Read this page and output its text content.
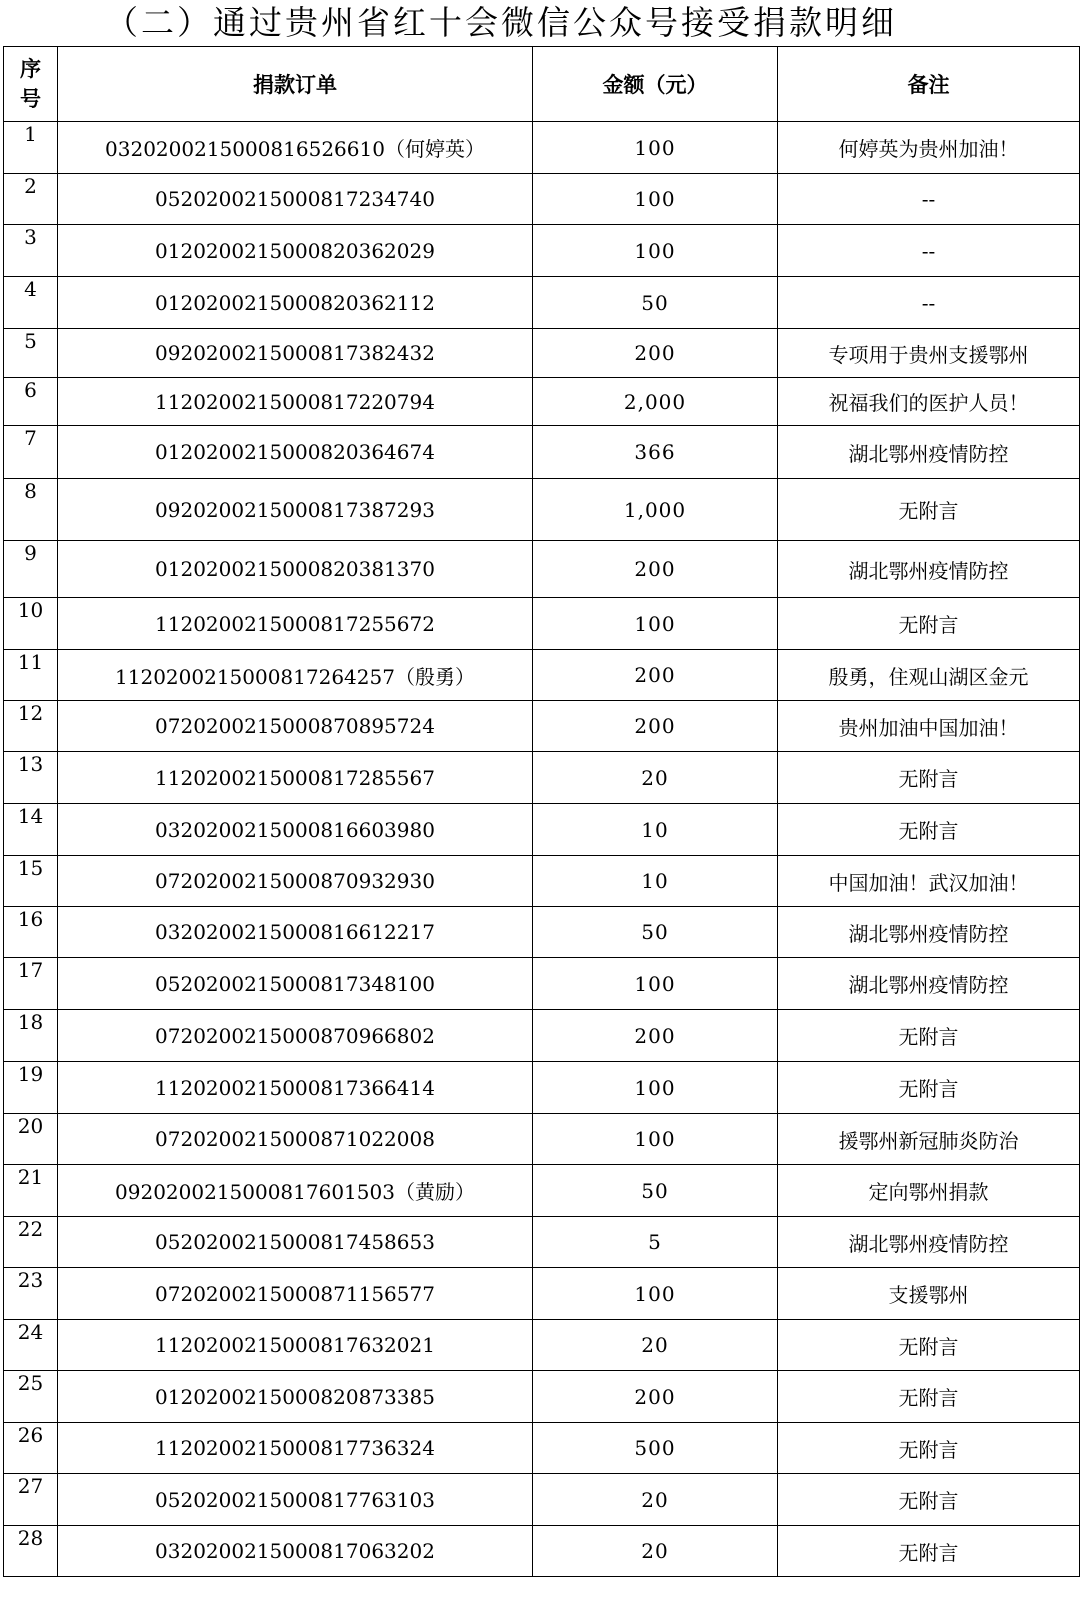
（二）通过贵州省红十会微信公众号接受捐款明细
序
号	捐款订单	金额（元）	备注
1	0320200215000816526610（何婷英）	100	何婷英为贵州加油！
2	0520200215000817234740	100	--
3	0120200215000820362029	100	--
4	0120200215000820362112	50	--
5	0920200215000817382432	200	专项用于贵州支援鄂州
6	1120200215000817220794	2,000	祝福我们的医护人员！
7	0120200215000820364674	366	湖北鄂州疫情防控
8	0920200215000817387293	1,000	无附言
9	0120200215000820381370	200	湖北鄂州疫情防控
10	1120200215000817255672	100	无附言
11	1120200215000817264257（殷勇）	200	殷勇，住观山湖区金元
12	0720200215000870895724	200	贵州加油中国加油！
13	1120200215000817285567	20	无附言
14	0320200215000816603980	10	无附言
15	0720200215000870932930	10	中国加油！武汉加油！
16	0320200215000816612217	50	湖北鄂州疫情防控
17	0520200215000817348100	100	湖北鄂州疫情防控
18	0720200215000870966802	200	无附言
19	1120200215000817366414	100	无附言
20	0720200215000871022008	100	援鄂州新冠肺炎防治
21	0920200215000817601503（黄励）	50	定向鄂州捐款
22	0520200215000817458653	5	湖北鄂州疫情防控
23	0720200215000871156577	100	支援鄂州
24	1120200215000817632021	20	无附言
25	0120200215000820873385	200	无附言
26	1120200215000817736324	500	无附言
27	0520200215000817763103	20	无附言
28	0320200215000817063202	20	无附言
